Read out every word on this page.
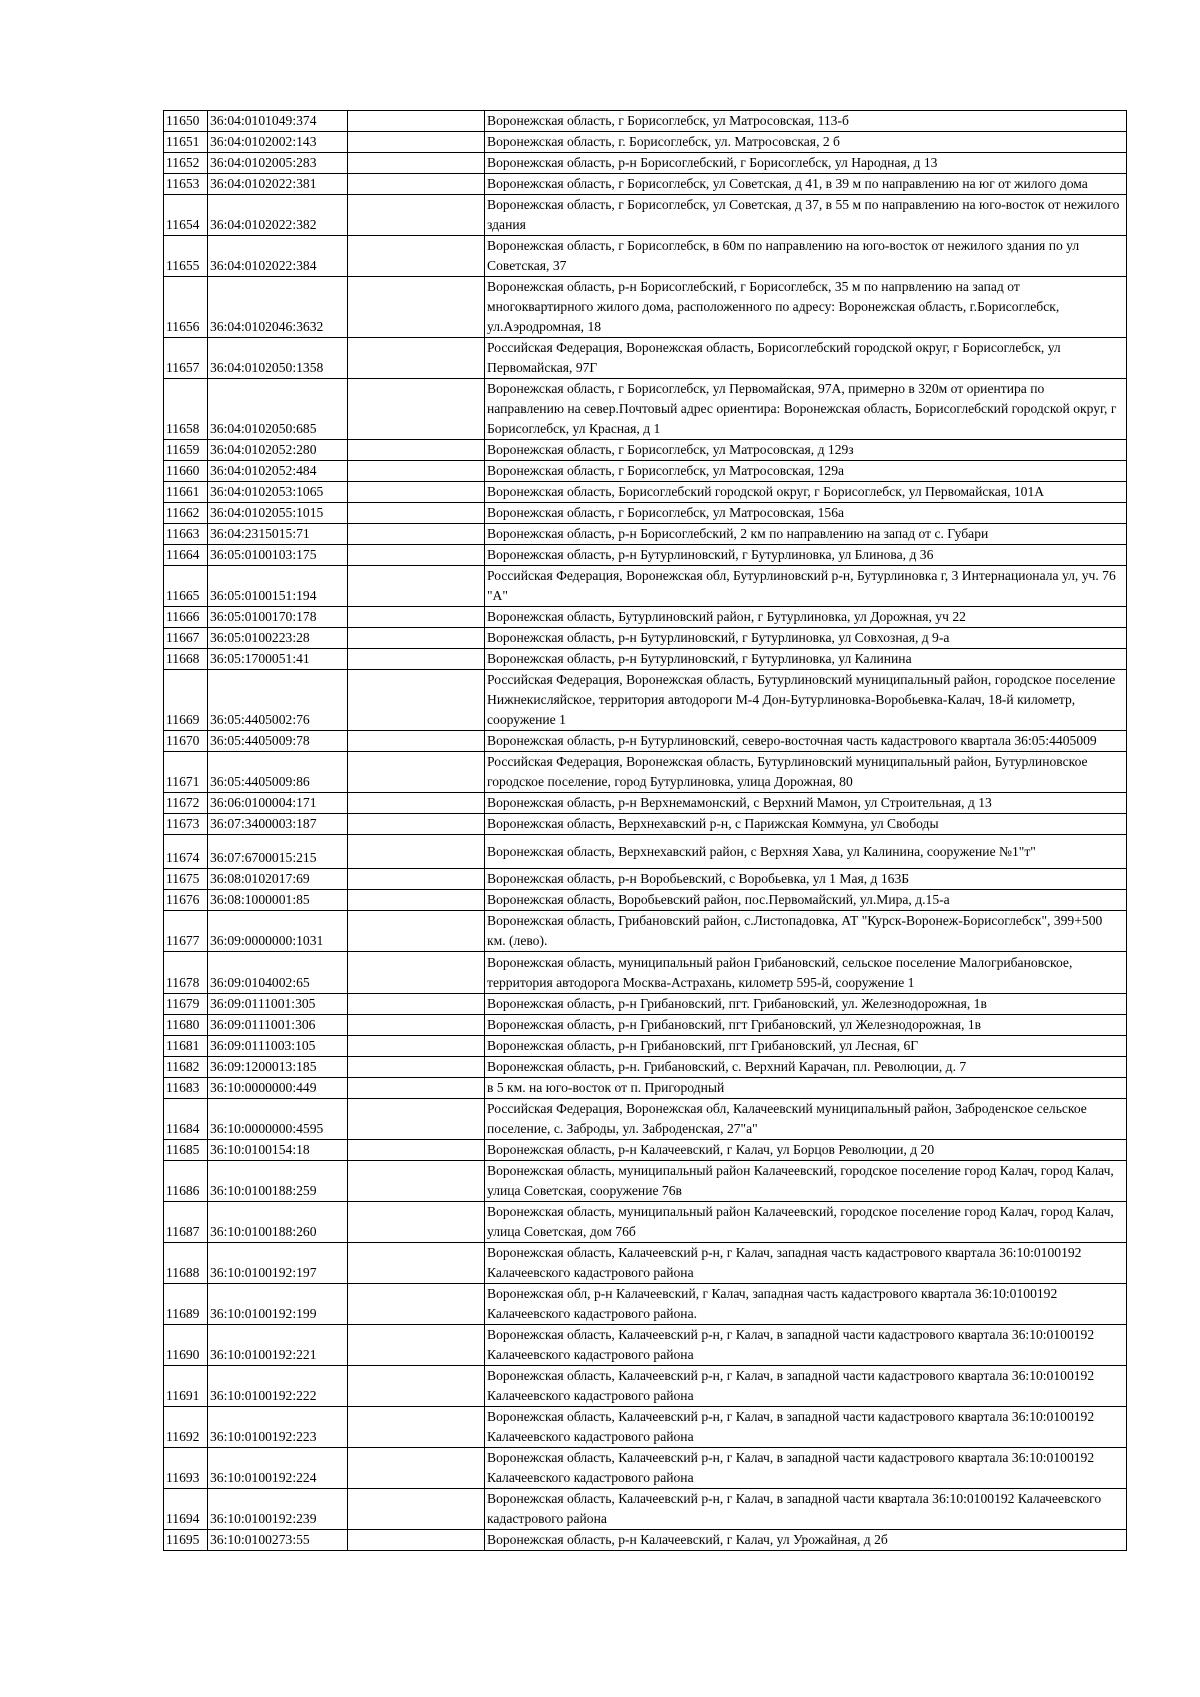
11650	36:04:0101049:374		Воронежская область, г Борисоглебск, ул Матросовская, 113-б
11651	36:04:0102002:143		Воронежская область, г. Борисоглебск, ул. Матросовская, 2 б
11652	36:04:0102005:283		Воронежская область, р-н Борисоглебский, г Борисоглебск, ул Народная, д 13
11653	36:04:0102022:381		Воронежская область, г Борисоглебск, ул Советская, д 41, в 39 м по направлению на юг от жилого дома
11654	36:04:0102022:382		Воронежская область, г Борисоглебск, ул Советская, д 37, в 55 м по направлению на юго-восток от нежилого здания
11655	36:04:0102022:384		Воронежская область, г Борисоглебск, в 60м по направлению на юго-восток от нежилого здания по ул Советская, 37
11656	36:04:0102046:3632		Воронежская область, р-н Борисоглебский, г Борисоглебск, 35 м по напрвлению на запад от многоквартирного жилого дома, расположенного по адресу: Воронежская область, г.Борисоглебск, ул.Аэродромная, 18
11657	36:04:0102050:1358		Российская Федерация, Воронежская область, Борисоглебский городской округ, г Борисоглебск, ул Первомайская, 97Г
11658	36:04:0102050:685		Воронежская область, г Борисоглебск, ул Первомайская, 97А, примерно в 320м от ориентира по направлению на север.Почтовый адрес ориентира: Воронежская область, Борисоглебский городской округ, г Борисоглебск, ул Красная, д 1
11659	36:04:0102052:280		Воронежская область, г Борисоглебск, ул Матросовская, д 129з
11660	36:04:0102052:484		Воронежская область, г Борисоглебск, ул Матросовская, 129а
11661	36:04:0102053:1065		Воронежская область, Борисоглебский городской округ, г Борисоглебск, ул Первомайская, 101А
11662	36:04:0102055:1015		Воронежская область, г Борисоглебск, ул Матросовская, 156а
11663	36:04:2315015:71		Воронежская область, р-н Борисоглебский, 2 км по направлению на запад от с. Губари
11664	36:05:0100103:175		Воронежская область, р-н Бутурлиновский, г Бутурлиновка, ул Блинова, д 36
11665	36:05:0100151:194		Российская Федерация, Воронежская обл, Бутурлиновский р-н, Бутурлиновка г, 3 Интернационала ул, уч. 76 "А"
11666	36:05:0100170:178		Воронежская область, Бутурлиновский район, г Бутурлиновка, ул Дорожная, уч 22
11667	36:05:0100223:28		Воронежская область, р-н Бутурлиновский, г Бутурлиновка, ул Совхозная, д 9-а
11668	36:05:1700051:41		Воронежская область, р-н Бутурлиновский, г Бутурлиновка, ул Калинина
11669	36:05:4405002:76		Российская Федерация, Воронежская область, Бутурлиновский муниципальный район, городское поселение Нижнекисляйское, территория автодороги М-4 Дон-Бутурлиновка-Воробьевка-Калач, 18-й километр, сооружение 1
11670	36:05:4405009:78		Воронежская область, р-н Бутурлиновский, северо-восточная часть кадастрового квартала 36:05:4405009
11671	36:05:4405009:86		Российская Федерация, Воронежская область, Бутурлиновский муниципальный район, Бутурлиновское городское поселение, город Бутурлиновка, улица Дорожная, 80
11672	36:06:0100004:171		Воронежская область, р-н Верхнемамонский, с Верхний Мамон, ул Строительная, д 13
11673	36:07:3400003:187		Воронежская область, Верхнехавский р-н, с Парижская Коммуна, ул Свободы
11674	36:07:6700015:215		Воронежская область, Верхнехавский район, с Верхняя Хава, ул Калинина, сооружение №1"т"
11675	36:08:0102017:69		Воронежская область, р-н Воробьевский, с Воробьевка, ул 1 Мая, д 163Б
11676	36:08:1000001:85		Воронежская область, Воробьевский район, пос.Первомайский, ул.Мира, д.15-а
11677	36:09:0000000:1031		Воронежская область, Грибановский район, с.Листопадовка, АТ "Курск-Воронеж-Борисоглебск", 399+500 км. (лево).
11678	36:09:0104002:65		Воронежская область, муниципальный район Грибановский, сельское поселение Малогрибановское, территория автодорога Москва-Астрахань, километр 595-й, сооружение 1
11679	36:09:0111001:305		Воронежская область, р-н Грибановский, пгт. Грибановский, ул. Железнодорожная, 1в
11680	36:09:0111001:306		Воронежская область, р-н Грибановский, пгт Грибановский, ул Железнодорожная, 1в
11681	36:09:0111003:105		Воронежская область, р-н Грибановский, пгт Грибановский, ул Лесная, 6Г
11682	36:09:1200013:185		Воронежская область, р-н. Грибановский, с. Верхний Карачан, пл. Революции, д. 7
11683	36:10:0000000:449		в 5 км. на юго-восток от п. Пригородный
11684	36:10:0000000:4595		Российская Федерация, Воронежская обл, Калачеевский муниципальный район, Заброденское сельское поселение, с. Заброды, ул. Заброденская, 27"а"
11685	36:10:0100154:18		Воронежская область, р-н Калачеевский, г Калач, ул Борцов Революции, д 20
11686	36:10:0100188:259		Воронежская область, муниципальный район Калачеевский, городское поселение город Калач, город Калач, улица Советская, сооружение 76в
11687	36:10:0100188:260		Воронежская область, муниципальный район Калачеевский, городское поселение город Калач, город Калач, улица Советская, дом 76б
11688	36:10:0100192:197		Воронежская область, Калачеевский р-н, г Калач, западная часть кадастрового квартала 36:10:0100192 Калачеевского кадастрового района
11689	36:10:0100192:199		Воронежская обл, р-н Калачеевский, г Калач, западная часть кадастрового квартала 36:10:0100192 Калачеевского кадастрового района.
11690	36:10:0100192:221		Воронежская область, Калачеевский р-н, г Калач, в западной части кадастрового квартала 36:10:0100192 Калачеевского кадастрового района
11691	36:10:0100192:222		Воронежская область, Калачеевский р-н, г Калач, в западной части кадастрового квартала 36:10:0100192 Калачеевского кадастрового района
11692	36:10:0100192:223		Воронежская область, Калачеевский р-н, г Калач, в западной части кадастрового квартала 36:10:0100192 Калачеевского кадастрового района
11693	36:10:0100192:224		Воронежская область, Калачеевский р-н, г Калач, в западной части кадастрового квартала 36:10:0100192 Калачеевского кадастрового района
11694	36:10:0100192:239		Воронежская область, Калачеевский р-н, г Калач, в западной части квартала 36:10:0100192 Калачеевского кадастрового района
11695	36:10:0100273:55		Воронежская область, р-н Калачеевский, г Калач, ул Урожайная, д 2б
